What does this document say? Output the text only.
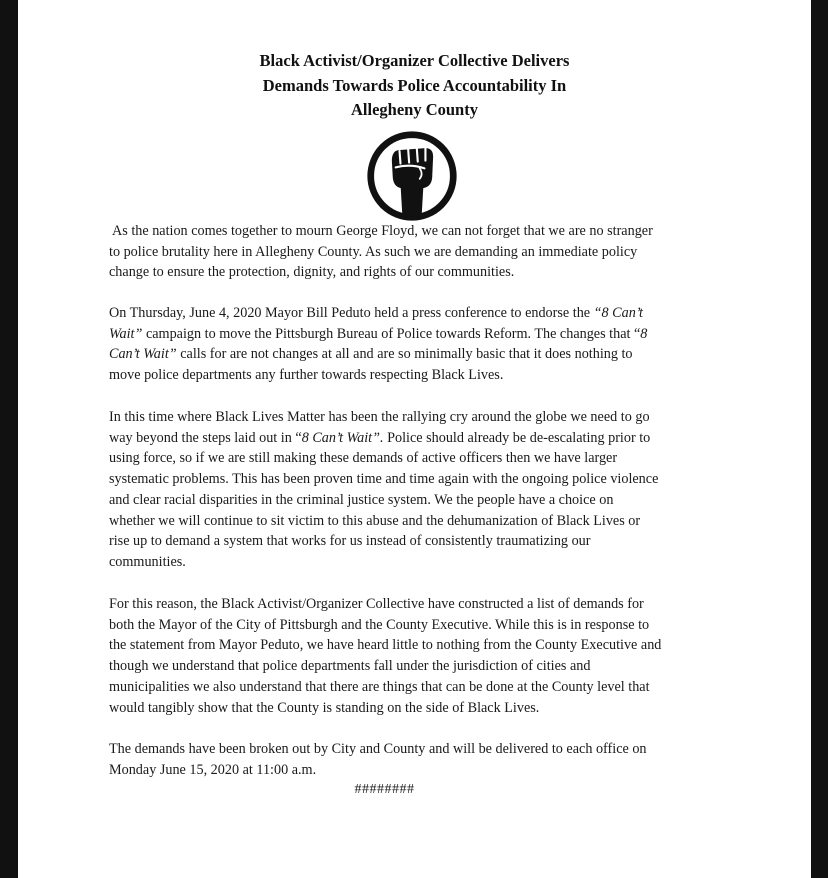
Black Activist/Organizer Collective Delivers
Demands Towards Police Accountability In
Allegheny County
As the nation comes together to mourn George Floyd, we can not forget that we are no stranger
to police brutality here in Allegheny County. As such we are demanding an immediate policy
change to ensure the protection, dignity, and rights of our communities.
On Thursday, June 4, 2020 Mayor Bill Peduto held a press conference to endorse the “8 Can’t
Wait” campaign to move the Pittsburgh Bureau of Police towards Reform. The changes that “8
Can’t Wait” calls for are not changes at all and are so minimally basic that it does nothing to
move police departments any further towards respecting Black Lives.
In this time where Black Lives Matter has been the rallying cry around the globe we need to go
way beyond the steps laid out in “8 Can’t Wait”. Police should already be de-escalating prior to
using force, so if we are still making these demands of active officers then we have larger
systematic problems. This has been proven time and time again with the ongoing police violence
and clear racial disparities in the criminal justice system. We the people have a choice on
whether we will continue to sit victim to this abuse and the dehumanization of Black Lives or
rise up to demand a system that works for us instead of consistently traumatizing our
communities.
For this reason, the Black Activist/Organizer Collective have constructed a list of demands for
both the Mayor of the City of Pittsburgh and the County Executive. While this is in response to
the statement from Mayor Peduto, we have heard little to nothing from the County Executive and
though we understand that police departments fall under the jurisdiction of cities and
municipalities we also understand that there are things that can be done at the County level that
would tangibly show that the County is standing on the side of Black Lives.
The demands have been broken out by City and County and will be delivered to each office on
Monday June 15, 2020 at 11:00 a.m.
########
